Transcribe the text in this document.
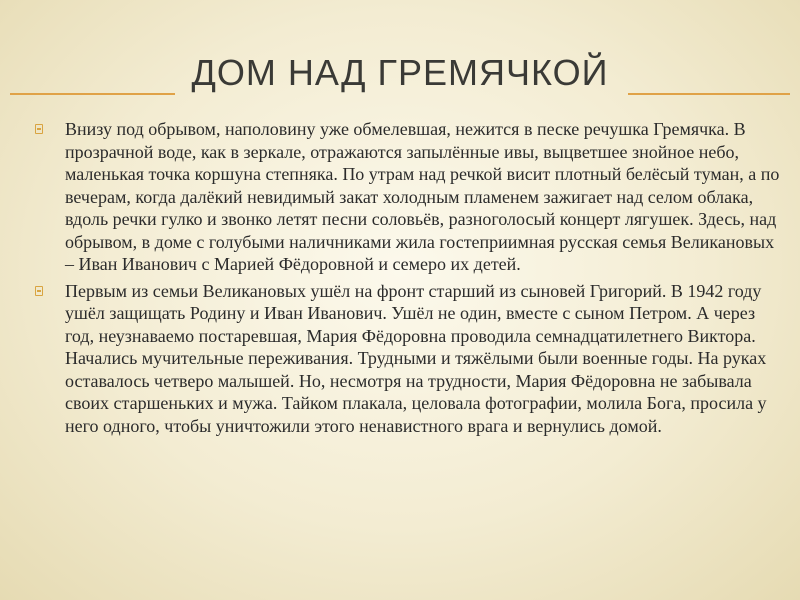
ДОМ НАД ГРЕМЯЧКОЙ

Внизу под обрывом, наполовину уже обмелевшая, нежится в песке речушка Гремячка. В прозрачной воде, как в зеркале, отражаются запылённые ивы, выцветшее знойное небо, маленькая точка коршуна степняка. По утрам над речкой висит плотный белёсый туман, а по вечерам, когда далёкий невидимый закат холодным пламенем зажигает над селом облака, вдоль речки гулко и звонко летят песни соловьёв, разноголосый концерт лягушек. Здесь, над обрывом, в доме с голубыми наличниками жила гостеприимная русская семья Великановых – Иван Иванович с Марией Фёдоровной и семеро их детей.

Первым из семьи Великановых ушёл на фронт старший из сыновей Григорий. В 1942 году ушёл защищать Родину и Иван Иванович. Ушёл не один, вместе с сыном Петром. А через год, неузнаваемо постаревшая, Мария Фёдоровна проводила семнадцатилетнего Виктора. Начались мучительные переживания. Трудными и тяжёлыми были военные годы. На руках оставалось четверо малышей. Но, несмотря на трудности, Мария Фёдоровна не забывала своих старшеньких и мужа. Тайком плакала, целовала фотографии, молила Бога, просила у него одного, чтобы уничтожили этого ненавистного врага и вернулись домой.
